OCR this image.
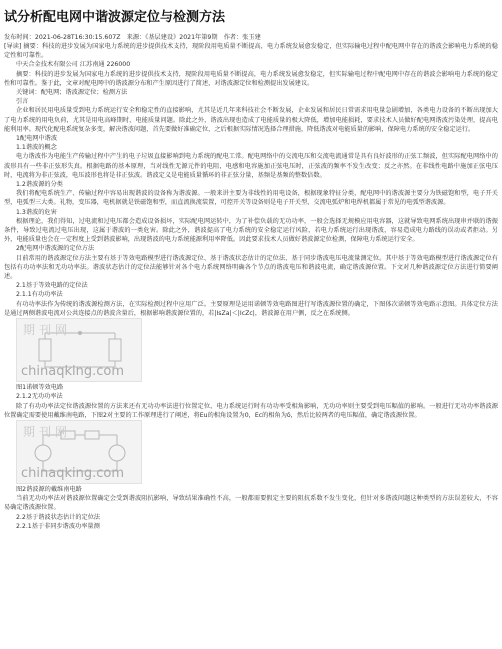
试分析配电网中谐波源定位与检测方法
发布时间：2021-06-28T16:30:15.607Z　来源：《基层建设》2021年第9期　作者：张玉建

[导读] 摘要：科技的进步发展为国家电力系统的进步提供技术支持，现阶段用电质量不断提高，电力系统发展愈发稳定，但实际输电过程中配电网中存在的谐波会影响电力系统的稳定性和可靠性。

中天合金技术有限公司 江苏南通 226000

摘要：科技的进步发展为国家电力系统的进步提供技术支持，现阶段用电质量不断提高，电力系统发展愈发稳定，但实际输电过程中配电网中存在的谐波会影响电力系统的稳定性和可靠性。鉴于此，文章对配电网中的谐波源分布和产生原因进行了简述，对谐波源定位和检测提出发展建议。

关键词：配电网；谐波源定位；检测方法

引言

企业和居民用电质量受到电力系统运行安全和稳定性的直接影响，尤其是近几年来科技社会不断发展，企业发展和居民日常需求用电量急剧增加，各类电力设备的不断出现加大了电力系统的用电负荷，尤其是用电高峰期时，电能质量问题。除此之外，谐波出现也造成了电能质量的极大降低，增加电能损耗，要求技术人员做好配电网谐波污染处理，提高电能利用率。现代化配电系统复杂多变，解决谐波问题，首先要做好准确定位，之后根据实际情况选择合理措施，降低谐波对电能质量的影响，保障电力系统的安全稳定运行。

1配电网中谐波

1.1谐波的概念

电力谐波作为电能生产传输过程中产生的电子垃圾直接影响到电力系统的配电工常。配电网络中的交流电压和交流电流通常是具有良好波形的正弦工频波，但实际配电网络中的波形具有一些非正弦形失真。根据电路的基本原理，当对线性无源元件的电阻，电感和电容施加正弦电压时，正弦波的频率不发生改变；反之亦然。在非线性电路中施加正弦电压时，电流将为非正弦波，电压波形也将是非正弦波。谐波定义是电能质量循环的非正弦分量，基频是基频的整数倍数。

1.2谐波源的分类

我们将配电系统生产、传输过程中容易出现谐波的设备称为谐波源。一般来讲主要为非线性的用电设备，根据现象特征分类，配电网中的谐波源主要分为铁磁饱和型，电子开关型，电弧型三大类。礼物，变压器，电机据就是铁磁饱和型，而直流换流装置，可控开关等设备则是电子开关型，交流电弧炉和电焊机都属于常见的电弧型谐波源。

1.3谐波的危害

根据理论，我们得知，过电流和过电压都会造成设备损坏，实际配电网运转中，为了补偿负载的无功功率，一般会选择无规模应用电容器，这就导致电网系统出现串并联的谐振条件，导致过电流过电压出现，这属于谐波的一类危害。除此之外，谐波提高了电力系统的安全稳定运行风险，若电力系统运行出现谐波，容易造成电力路线的误动或者拒动。另外，电能质量也会在一定程度上受到谐波影响，出现谐波的电力系统能源利用率降低。因此要求技术人员做好谐波源定位检测，保障电力系统运行安全。

2配电网中谐波源的定位方法

目前常用的谐波源定位方法主要有基于等效电路模型进行谐波源定位、基于谐波状态估计的定位法、基于同步谐波电压电流量测定位。其中基于等效电路模型进行谐波源定位有包括有功功率法和无功功率法。谐波状态估计的定位法能够针对各个电力系统网络明确各个节点的谐波电压和谐波电流，确定谐波源位置。下文对几种谐波源定位方法进行简要阐述。

2.1基于等效电路的定位法

2.1.1有功功率法

有功功率法作为传统的谐波源检测方法，在实际检测过程中应用广泛。主要原理是运用诺顿等效电路图进行写谐波源位置的确定，下图体次诺顿等效电路示意图。具体定位方法是通过两侧谐波电流对公共连接点的谐波含量后，根据影响谐波源位置的，若|IsZa|＜|IcZc|，谐波源在用户侧，反之在系统侧。

期刊网
chinaqking.com

图1诺顿等效电路

2.1.2无功功率法

除了有功功率法定位谐波源位置的方法来还有无功功率法进行位置定位，电力系统运行时有功功率受相角影响，无功功率则主要受到电压幅值的影响。一般进行无功功率谐波源位置确定需要使用戴维南电路，下图2对主要的工作原理进行了阐述，将Eu的相角设置为0，Ec的相角为δ，然后比较两者的电压幅值，确定谐波源位置。

期刊网
chinaqking.com

图2谐波源的戴维南电路

当前无功功率法对谐波源位置确定会受到谐波阻抗影响，导致结果准确性不高，一般都需要假定主要的阻抗系数不发生变化，但针对多谐波问题这种类型的方法误差较大，不容易确定谐波源位置。

2.2基于谐波状态估计的定位法

2.2.1基于非同步谐波功率量测
